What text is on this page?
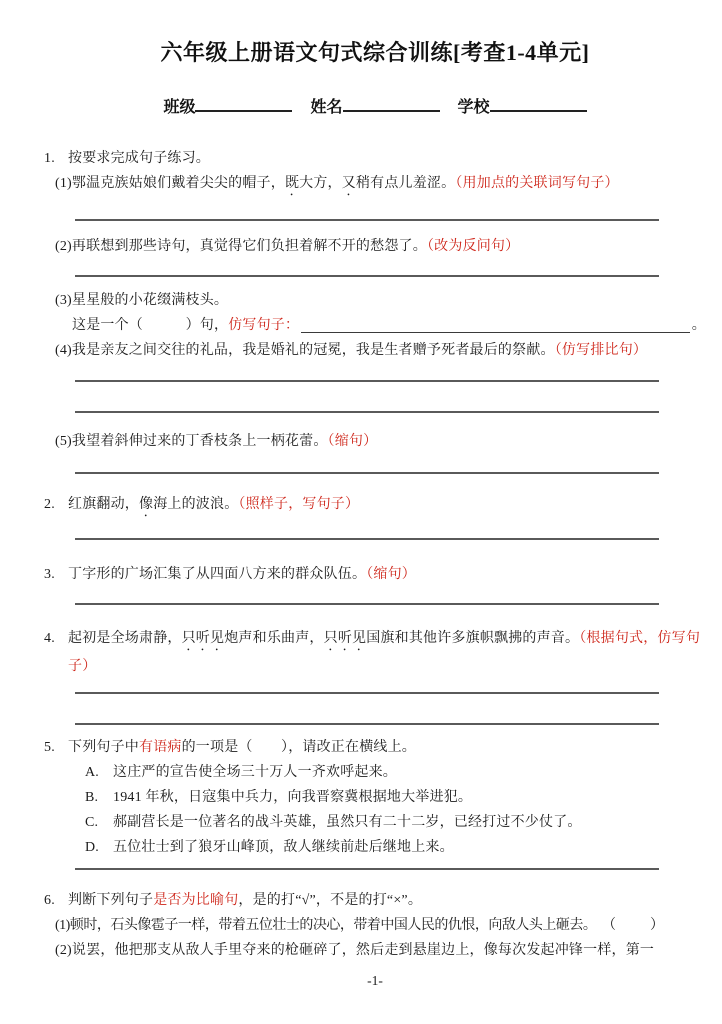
六年级上册语文句式综合训练[考查1-4单元]
班级	姓名	学校
1. 按要求完成句子练习。
(1)鄂温克族姑娘们戴着尖尖的帽子，既大方，又稍有点儿羞涩。（用加点的关联词写句子）
(2)再联想到那些诗句，真觉得它们负担着解不开的愁怨了。（改为反问句）
(3)星星般的小花缀满枝头。
这是一个（　　　）句，仿写句子：	。
(4)我是亲友之间交往的礼品，我是婚礼的冠冕，我是生者赠予死者最后的祭献。（仿写排比句）
(5)我望着斜伸过来的丁香枝条上一柄花蕾。（缩句）
2. 红旗翻动，像海上的波浪。（照样子，写句子）
3. 丁字形的广场汇集了从四面八方来的群众队伍。（缩句）
4. 起初是全场肃静，只听见炮声和乐曲声，只听见国旗和其他许多旗帜飘拂的声音。（根据句式，仿写句子）
5. 下列句子中有语病的一项是（　　），请改正在横线上。
A. 这庄严的宣告使全场三十万人一齐欢呼起来。
B.	1941 年秋，日寇集中兵力，向我晋察冀根据地大举进犯。
C.	郝副营长是一位著名的战斗英雄，虽然只有二十二岁，已经打过不少仗了。
D. 五位壮士到了狼牙山峰顶，敌人继续前赴后继地上来。
6. 判断下列句子是否为比喻句，是的打“√”，不是的打“×”。
(1)顿时，石头像雹子一样，带着五位壮士的决心，带着中国人民的仇恨，向敌人头上砸去。 （　　）
(2)说罢，他把那支从敌人手里夺来的枪砸碎了，然后走到悬崖边上，像每次发起冲锋一样，第一
-1-
